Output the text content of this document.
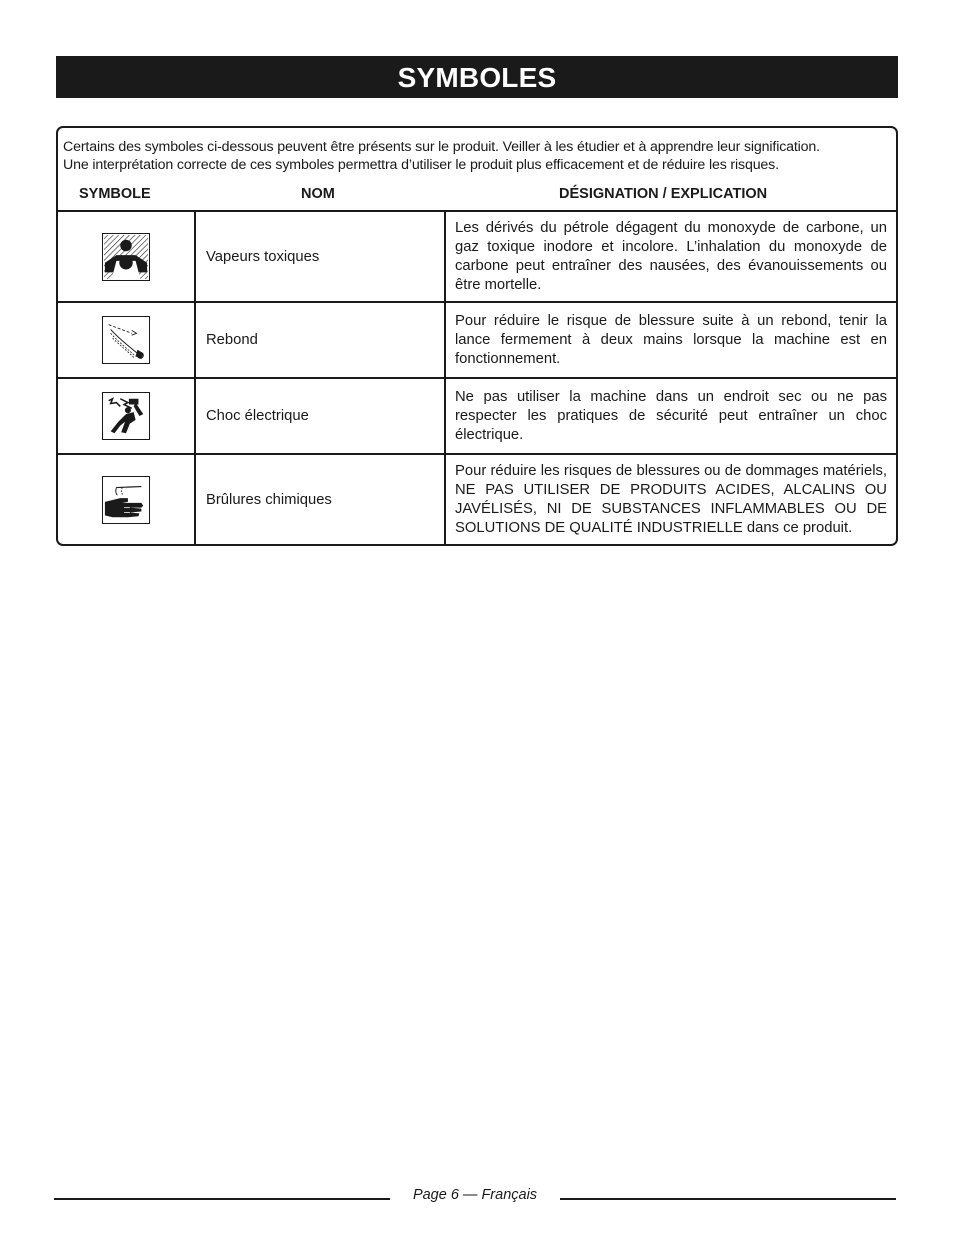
SYMBOLES
Certains des symboles ci-dessous peuvent être présents sur le produit. Veiller à les étudier et à apprendre leur signification.
Une interprétation correcte de ces symboles permettra d’utiliser le produit plus efficacement et de réduire les risques.
SYMBOLE	NOM	DÉSIGNATION / EXPLICATION
Vapeurs toxiques
Les dérivés du pétrole dégagent du monoxyde de carbone, un gaz toxique inodore et incolore. L’inhalation du monoxyde de carbone peut entraîner des nausées, des évanouissements ou être mortelle.
Rebond
Pour réduire le risque de blessure suite à un rebond, tenir la lance fermement à deux mains lorsque la machine est en fonctionnement.
Choc électrique
Ne pas utiliser la machine dans un endroit sec ou ne pas respecter les pratiques de sécurité peut entraîner un choc électrique.
Brûlures chimiques
Pour réduire les risques de blessures ou de dommages matériels, NE PAS UTILISER DE PRODUITS ACIDES, ALCALINS OU JAVÉLISÉS, NI DE SUBSTANCES INFLAMMABLES OU DE SOLUTIONS DE QUALITÉ INDUSTRIELLE dans ce produit.
Page 6 — Français
